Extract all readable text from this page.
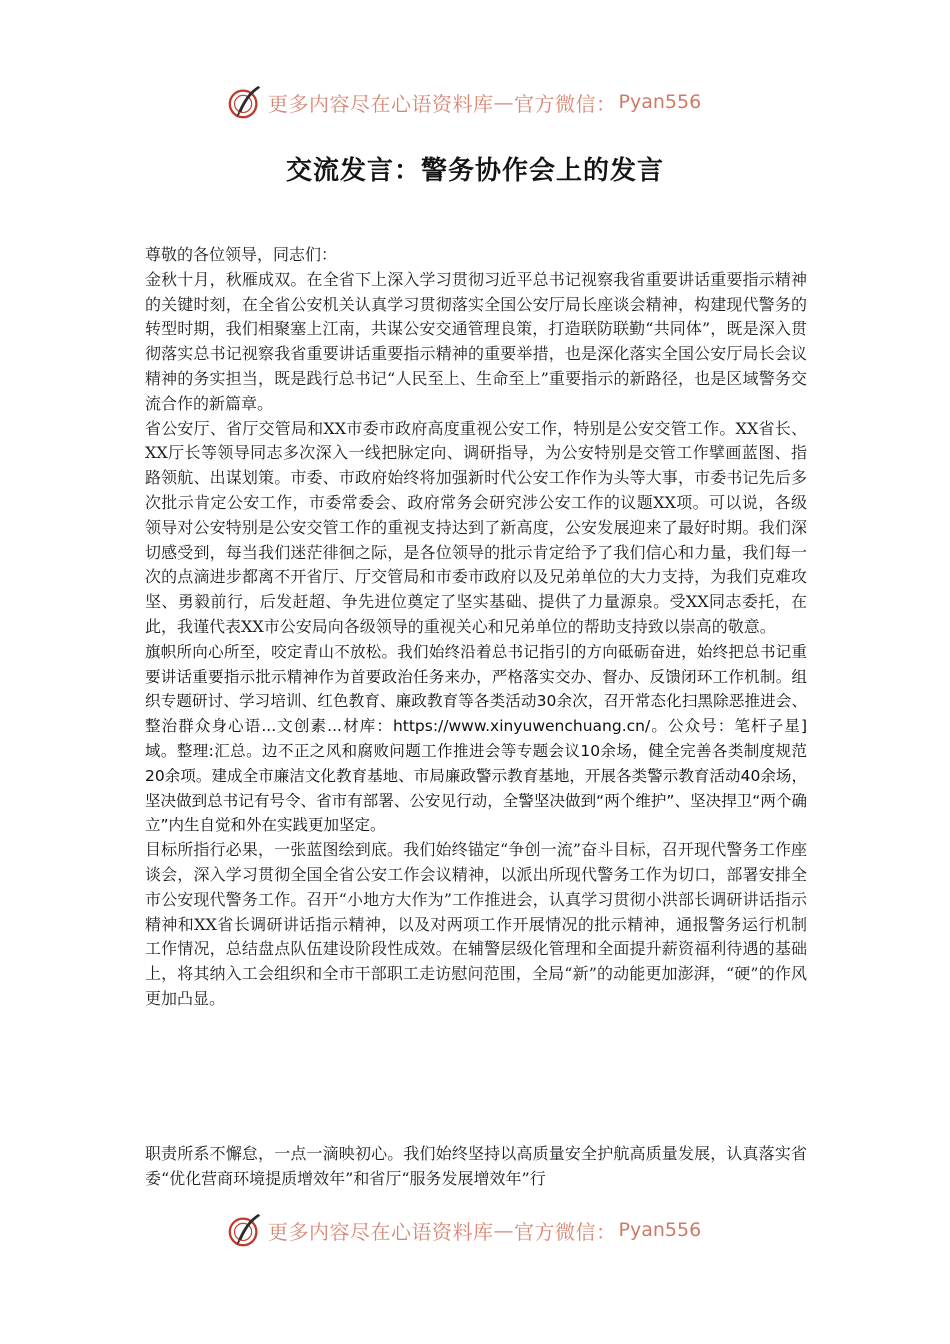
更多内容尽在心语资料库 — 官方微信： Pyan556
交流发言：警务协作会上的发言

尊敬的各位领导，同志们：

金秋十月，秋雁成双。在全省下上深入学习贯彻习近平总书记视察我省重要讲话重要指示精神的关键时刻，在全省公安机关认真学习贯彻落实全国公安厅局长座谈会精神，构建现代警务的转型时期，我们相聚塞上江南，共谋公安交通管理良策，打造联防联勤“共同体”，既是深入贯彻落实总书记视察我省重要讲话重要指示精神的重要举措，也是深化落实全国公安厅局长会议精神的务实担当，既是践行总书记“人民至上、生命至上”重要指示的新路径，也是区域警务交流合作的新篇章。

省公安厅、省厅交管局和XX市委市政府高度重视公安工作，特别是公安交管工作。XX省长、XX厅长等领导同志多次深入一线把脉定向、调研指导，为公安特别是交管工作擘画蓝图、指路领航、出谋划策。市委、市政府始终将加强新时代公安工作作为头等大事，市委书记先后多次批示肯定公安工作，市委常委会、政府常务会研究涉公安工作的议题XX项。可以说，各级领导对公安特别是公安交管工作的重视支持达到了新高度，公安发展迎来了最好时期。我们深切感受到，每当我们迷茫徘徊之际，是各位领导的批示肯定给予了我们信心和力量，我们每一次的点滴进步都离不开省厅、厅交管局和市委市政府以及兄弟单位的大力支持，为我们克难攻坚、勇毅前行，后发赶超、争先进位奠定了坚实基础、提供了力量源泉。受XX同志委托，在此，我谨代表XX市公安局向各级领导的重视关心和兄弟单位的帮助支持致以崇高的敬意。

旗帜所向心所至，咬定青山不放松。我们始终沿着总书记指引的方向砥砺奋进，始终把总书记重要讲话重要指示批示精神作为首要政治任务来办，严格落实交办、督办、反馈闭环工作机制。组织专题研讨、学习培训、红色教育、廉政教育等各类活动30余次，召开常态化扫黑除恶推进会、整治群众身心语...文创素...材库：https://www.xinyuwenchuang.cn/。公众号：笔杆子星]域。整理:汇总。边不正之风和腐败问题工作推进会等专题会议10余场，健全完善各类制度规范20余项。建成全市廉洁文化教育基地、市局廉政警示教育基地，开展各类警示教育活动40余场，坚决做到总书记有号令、省市有部署、公安见行动，全警坚决做到“两个维护”、坚决捍卫“两个确立”内生自觉和外在实践更加坚定。

目标所指行必果，一张蓝图绘到底。我们始终锚定“争创一流”奋斗目标，召开现代警务工作座谈会，深入学习贯彻全国全省公安工作会议精神，以派出所现代警务工作为切口，部署安排全市公安现代警务工作。召开“小地方大作为”工作推进会，认真学习贯彻小洪部长调研讲话指示精神和XX省长调研讲话指示精神，以及对两项工作开展情况的批示精神，通报警务运行机制工作情况，总结盘点队伍建设阶段性成效。在辅警层级化管理和全面提升薪资福利待遇的基础上，将其纳入工会组织和全市干部职工走访慰问范围，全局“新”的动能更加澎湃，“硬”的作风更加凸显。

职责所系不懈怠，一点一滴映初心。我们始终坚持以高质量安全护航高质量发展，认真落实省委“优化营商环境提质增效年”和省厅“服务发展增效年”行

更多内容尽在心语资料库 — 官方微信： Pyan556
